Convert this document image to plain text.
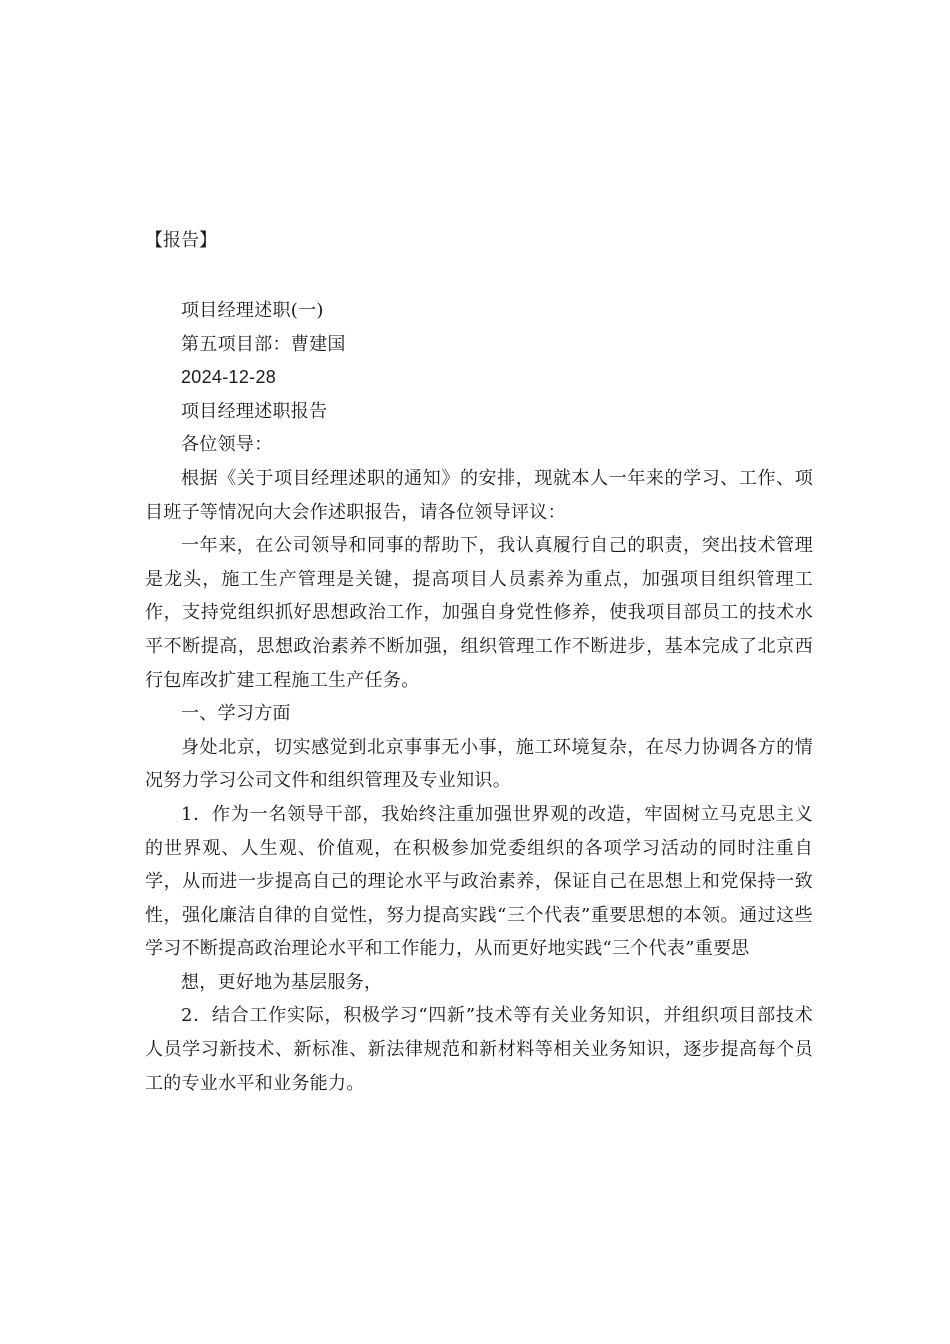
【报告】

项目经理述职(一)

第五项目部：曹建国

2024-12-28

项目经理述职报告

各位领导：

根据《关于项目经理述职的通知》的安排，现就本人一年来的学习、工作、项目班子等情况向大会作述职报告，请各位领导评议：

一年来，在公司领导和同事的帮助下，我认真履行自己的职责，突出技术管理是龙头，施工生产管理是关键，提高项目人员素养为重点，加强项目组织管理工作，支持党组织抓好思想政治工作，加强自身党性修养，使我项目部员工的技术水平不断提高，思想政治素养不断加强，组织管理工作不断进步，基本完成了北京西行包库改扩建工程施工生产任务。

一、学习方面

身处北京，切实感觉到北京事事无小事，施工环境复杂，在尽力协调各方的情况努力学习公司文件和组织管理及专业知识。

1．作为一名领导干部，我始终注重加强世界观的改造，牢固树立马克思主义的世界观、人生观、价值观，在积极参加党委组织的各项学习活动的同时注重自学，从而进一步提高自己的理论水平与政治素养，保证自己在思想上和党保持一致性，强化廉洁自律的自觉性，努力提高实践“三个代表”重要思想的本领。通过这些学习不断提高政治理论水平和工作能力，从而更好地实践“三个代表”重要思

想，更好地为基层服务，

2．结合工作实际，积极学习“四新”技术等有关业务知识，并组织项目部技术人员学习新技术、新标准、新法律规范和新材料等相关业务知识，逐步提高每个员工的专业水平和业务能力。
